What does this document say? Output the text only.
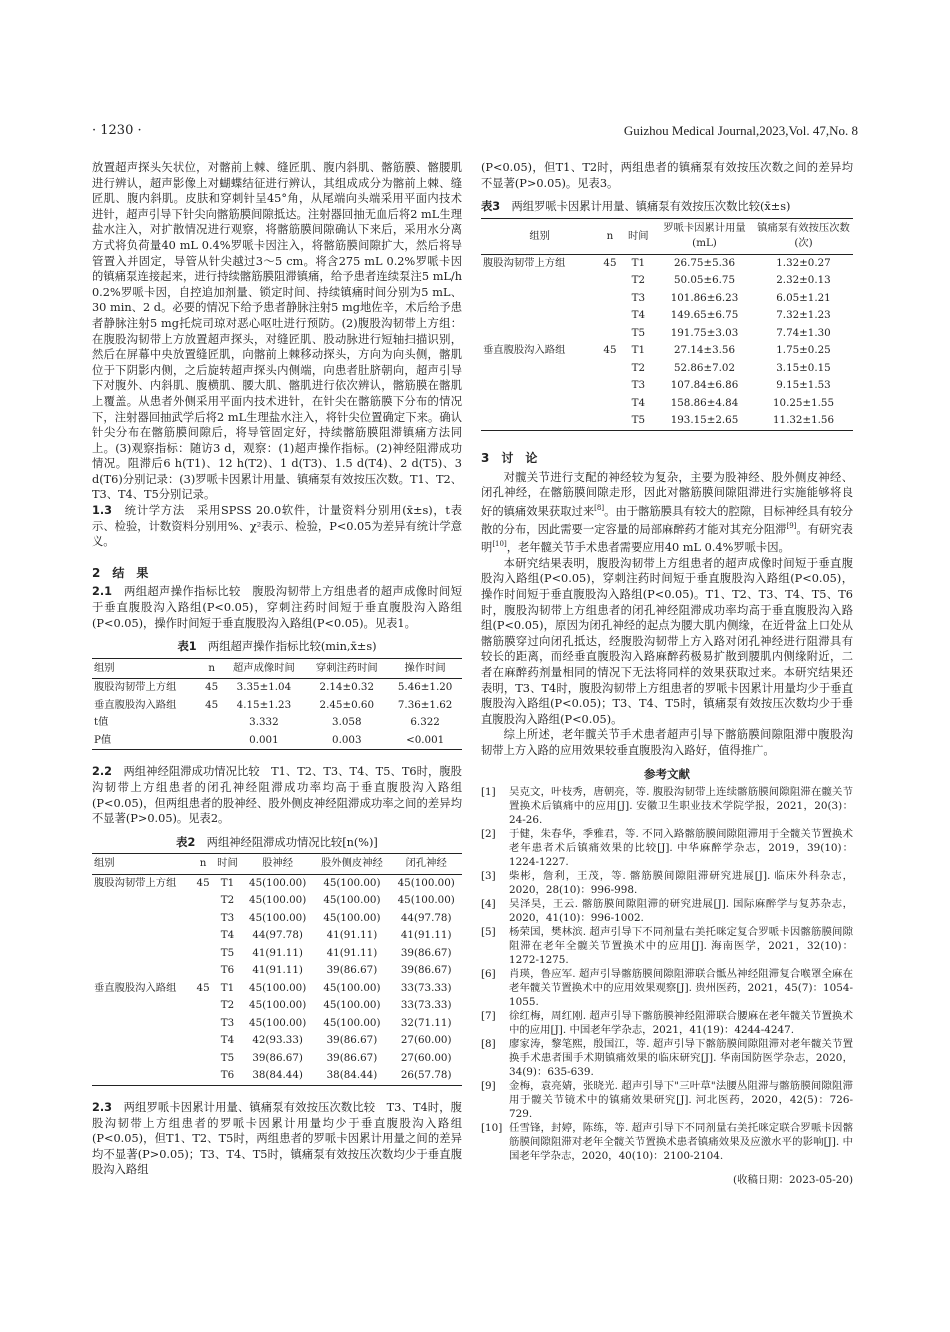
· 1230 ·	Guizhou Medical Journal,2023,Vol. 47,No. 8

放置超声探头矢状位，对髂前上棘、缝匠肌、腹内斜肌、髂筋膜、髂腰肌进行辨认，超声影像上对蝴蝶结征进行辨认，其组成成分为髂前上棘、缝匠肌、腹内斜肌。皮肤和穿刺针呈45°角，从尾端向头端采用平面内技术进针，超声引导下针尖向髂筋膜间隙抵达。注射器回抽无血后将2 mL生理盐水注入，对扩散情况进行观察，将髂筋膜间隙确认下来后，采用水分离方式将负荷量40 mL 0.4%罗哌卡因注入，将髂筋膜间隙扩大，然后将导管置入并固定，导管从针尖越过3～5 cm。将含275 mL 0.2%罗哌卡因的镇痛泵连接起来，进行持续髂筋膜阻滞镇痛，给予患者连续泵注5 mL/h 0.2%罗哌卡因，自控追加剂量、锁定时间、持续镇痛时间分别为5 mL、30 min、2 d。必要的情况下给予患者静脉注射5 mg地佐辛，术后给予患者静脉注射5 mg托烷司琼对恶心呕吐进行预防。(2)腹股沟韧带上方组：在腹股沟韧带上方放置超声探头，对缝匠肌、股动脉进行短轴扫描识别，然后在屏幕中央放置缝匠肌，向髂前上棘移动探头，方向为向头侧，髂肌位于下阴影内侧，之后旋转超声探头内侧端，向患者肚脐朝向，超声引导下对腹外、内斜肌、腹横肌、腰大肌、髂肌进行依次辨认，髂筋膜在髂肌上覆盖。从患者外侧采用平面内技术进针，在针尖在髂筋膜下分布的情况下，注射器回抽武学后将2 mL生理盐水注入，将针尖位置确定下来。确认针尖分布在髂筋膜间隙后，将导管固定好，持续髂筋膜阻滞镇痛方法同上。(3)观察指标：随访3 d，观察：(1)超声操作指标。(2)神经阻滞成功情况。阻滞后6 h(T1)、12 h(T2)、1 d(T3)、1.5 d(T4)、2 d(T5)、3 d(T6)分别记录：(3)罗哌卡因累计用量、镇痛泵有效按压次数。T1、T2、T3、T4、T5分别记录。

1.3　 统计学方法　采用SPSS 20.0软件，计量资料分别用(x̄±s)，t表示、检验，计数资料分别用%、χ²表示、检验，P<0.05为差异有统计学意义。

2　结　果

2.1　 两组超声操作指标比较　腹股沟韧带上方组患者的超声成像时间短于垂直腹股沟入路组(P<0.05)，穿刺注药时间短于垂直腹股沟入路组(P<0.05)，操作时间短于垂直腹股沟入路组(P<0.05)。见表1。

表1　 两组超声操作指标比较(min,x̄±s)
组别	n	超声成像时间	穿刺注药时间	操作时间
腹股沟韧带上方组	45	3.35±1.04	2.14±0.32	5.46±1.20
垂直腹股沟入路组	45	4.15±1.23	2.45±0.60	7.36±1.62
t值		3.332	3.058	6.322
P值		0.001	0.003	<0.001

2.2　 两组神经阻滞成功情况比较　T1、T2、T3、T4、T5、T6时，腹股沟韧带上方组患者的闭孔神经阻滞成功率均高于垂直腹股沟入路组(P<0.05)，但两组患者的股神经、股外侧皮神经阻滞成功率之间的差异均不显著(P>0.05)。见表2。

表2　 两组神经阻滞成功情况比较[n(%)]
组别	n	时间	股神经	股外侧皮神经	闭孔神经
腹股沟韧带上方组	45	T1	45(100.00)	45(100.00)	45(100.00)
		T2	45(100.00)	45(100.00)	45(100.00)
		T3	45(100.00)	45(100.00)	44(97.78)
		T4	44(97.78)	41(91.11)	41(91.11)
		T5	41(91.11)	41(91.11)	39(86.67)
		T6	41(91.11)	39(86.67)	39(86.67)
垂直腹股沟入路组	45	T1	45(100.00)	45(100.00)	33(73.33)
		T2	45(100.00)	45(100.00)	33(73.33)
		T3	45(100.00)	45(100.00)	32(71.11)
		T4	42(93.33)	39(86.67)	27(60.00)
		T5	39(86.67)	39(86.67)	27(60.00)
		T6	38(84.44)	38(84.44)	26(57.78)

2.3　 两组罗哌卡因累计用量、镇痛泵有效按压次数比较　T3、T4时，腹股沟韧带上方组患者的罗哌卡因累计用量均少于垂直腹股沟入路组(P<0.05)，但T1、T2、T5时，两组患者的罗哌卡因累计用量之间的差异均不显著(P>0.05)；T3、T4、T5时，镇痛泵有效按压次数均少于垂直腹股沟入路组

(P<0.05)，但T1、T2时，两组患者的镇痛泵有效按压次数之间的差异均不显著(P>0.05)。见表3。

表3　 两组罗哌卡因累计用量、镇痛泵有效按压次数比较(x̄±s)
组别	n	时间	罗哌卡因累计用量(mL)	镇痛泵有效按压次数(次)
腹股沟韧带上方组	45	T1	26.75±5.36	1.32±0.27
		T2	50.05±6.75	2.32±0.13
		T3	101.86±6.23	6.05±1.21
		T4	149.65±6.75	7.32±1.23
		T5	191.75±3.03	7.74±1.30
垂直腹股沟入路组	45	T1	27.14±3.56	1.75±0.25
		T2	52.86±7.02	3.15±0.15
		T3	107.84±6.86	9.15±1.53
		T4	158.86±4.84	10.25±1.55
		T5	193.15±2.65	11.32±1.56
3　讨　论

对髋关节进行支配的神经较为复杂，主要为股神经、股外侧皮神经、闭孔神经，在髂筋膜间隙走形，因此对髂筋膜间隙阻滞进行实施能够将良好的镇痛效果获取过来[8]。由于髂筋膜具有较大的腔隙，目标神经具有较分散的分布，因此需要一定容量的局部麻醉药才能对其充分阻滞[9]。有研究表明[10]，老年髋关节手术患者需要应用40 mL 0.4%罗哌卡因。

本研究结果表明，腹股沟韧带上方组患者的超声成像时间短于垂直腹股沟入路组(P<0.05)，穿刺注药时间短于垂直腹股沟入路组(P<0.05)，操作时间短于垂直腹股沟入路组(P<0.05)。T1、T2、T3、T4、T5、T6时，腹股沟韧带上方组患者的闭孔神经阻滞成功率均高于垂直腹股沟入路组(P<0.05)，原因为闭孔神经的起点为腰大肌内侧缘，在近骨盆上口处从髂筋膜穿过向闭孔抵达，经腹股沟韧带上方入路对闭孔神经进行阻滞具有较长的距离，而经垂直腹股沟入路麻醉药极易扩散到腰肌内侧缘附近，二者在麻醉药剂量相同的情况下无法将同样的效果获取过来。本研究结果还表明，T3、T4时，腹股沟韧带上方组患者的罗哌卡因累计用量均少于垂直腹股沟入路组(P<0.05)；T3、T4、T5时，镇痛泵有效按压次数均少于垂直腹股沟入路组(P<0.05)。

综上所述，老年髋关节手术患者超声引导下髂筋膜间隙阻滞中腹股沟韧带上方入路的应用效果较垂直腹股沟入路好，值得推广。

参考文献
[1]	吴克文，叶枝秀，唐朝亮，等. 腹股沟韧带上连续髂筋膜间隙阻滞在髋关节置换术后镇痛中的应用[J]. 安徽卫生职业技术学院学报，2021，20(3)：24-26.
[2]	于健，朱春华，季雅君，等. 不同入路髂筋膜间隙阻滞用于全髋关节置换术老年患者术后镇痛效果的比较[J]. 中华麻醉学杂志，2019，39(10)：1224-1227.
[3]	柴彬，詹利，王茂，等. 髂筋膜间隙阻滞研究进展[J]. 临床外科杂志，2020，28(10)：996-998.
[4]	吴泽昊，王云. 髂筋膜间隙阻滞的研究进展[J]. 国际麻醉学与复苏杂志，2020，41(10)：996-1002.
[5]	杨荣国，樊林滨. 超声引导下不同剂量右美托咪定复合罗哌卡因髂筋膜间隙阻滞在老年全髋关节置换术中的应用[J]. 海南医学，2021，32(10)：1272-1275.
[6]	肖瑛，鲁应军. 超声引导髂筋膜间隙阻滞联合骶丛神经阻滞复合喉罩全麻在老年髋关节置换术中的应用效果观察[J]. 贵州医药，2021，45(7)：1054-1055.
[7]	徐红梅，周红刚. 超声引导下髂筋膜神经阻滞联合腰麻在老年髋关节置换术中的应用[J]. 中国老年学杂志，2021，41(19)：4244-4247.
[8]	廖家涛，黎笔熙，殷国江，等. 超声引导下髂筋膜间隙阻滞对老年髋关节置换手术患者围手术期镇痛效果的临床研究[J]. 华南国防医学杂志，2020，34(9)：635-639.
[9]	金梅，袁亮婧，张晓光. 超声引导下"三叶草"法腰丛阻滞与髂筋膜间隙阻滞用于髋关节镜术中的镇痛效果研究[J]. 河北医药，2020，42(5)：726-729.
[10] 任雪锋，封婷，陈练，等. 超声引导下不同剂量右美托咪定联合罗哌卡因髂筋膜间隙阻滞对老年全髋关节置换术患者镇痛效果及应激水平的影响[J]. 中国老年学杂志，2020，40(10)：2100-2104.
(收稿日期：2023-05-20)
